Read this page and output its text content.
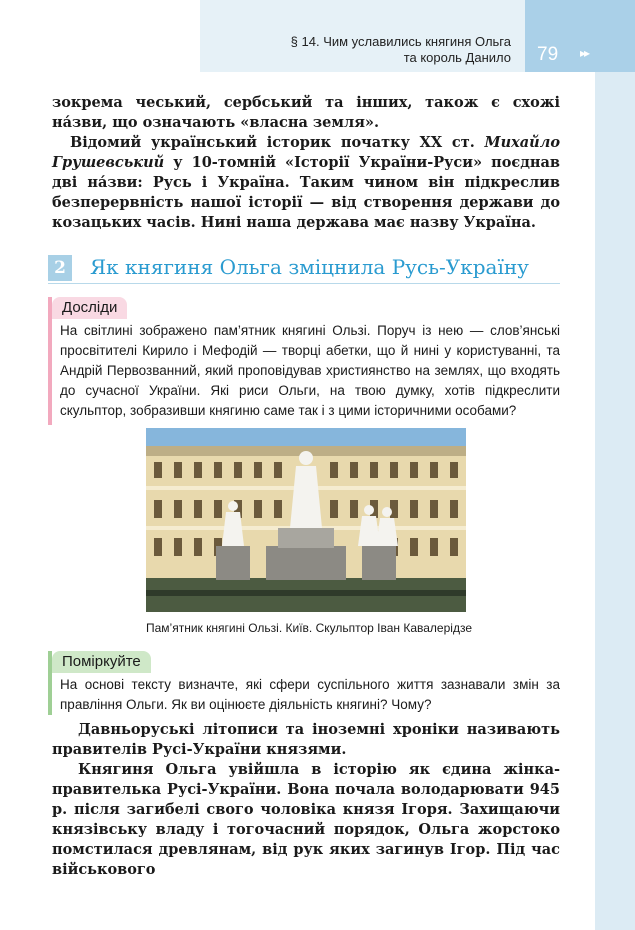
§ 14. Чим уславились княгиня Ольга
та король Данило 79 ▸▸

зокрема чеський, сербський та інших, також є схожі на́зви, що означають «власна земля».

Відомий український історик початку ХХ ст. Михайло Грушевський у 10-томній «Історії України-Руси» поєднав дві на́зви: Русь і Україна. Таким чином він підкреслив безперервність нашої історії — від створення держави до козацьких часів. Нині наша держава має назву Україна.

2	Як княгиня Ольга зміцнила Русь-Україну
Досліди

На світлині зображено пам’ятник княгині Ользі. Поруч із нею — слов’янські просвітителі Кирило і Мефодій — творці абетки, що й нині у користуванні, та Андрій Первозванний, який проповідував християнство на землях, що входять до сучасної України. Які риси Ольги, на твою думку, хотів підкреслити скульптор, зобразивши княгиню саме так і з цими історичними особами?

Пам’ятник княгині Ользі. Київ. Скульптор Іван Кавалерідзе
Поміркуйте

На основі тексту визначте, які сфери суспільного життя зазнавали змін за правління Ольги. Як ви оцінюєте діяльність княгині? Чому?

Давньоруські літописи та іноземні хроніки називають правителів Русі-України князями.

Княгиня Ольга увійшла в історію як єдина жінка-правителька Русі-України. Вона почала володарювати 945 р. після загибелі свого чоловіка князя Ігоря. Захищаючи князівську владу і тогочасний порядок, Ольга жорстоко помстилася древлянам, від рук яких загинув Ігор. Під час військового
